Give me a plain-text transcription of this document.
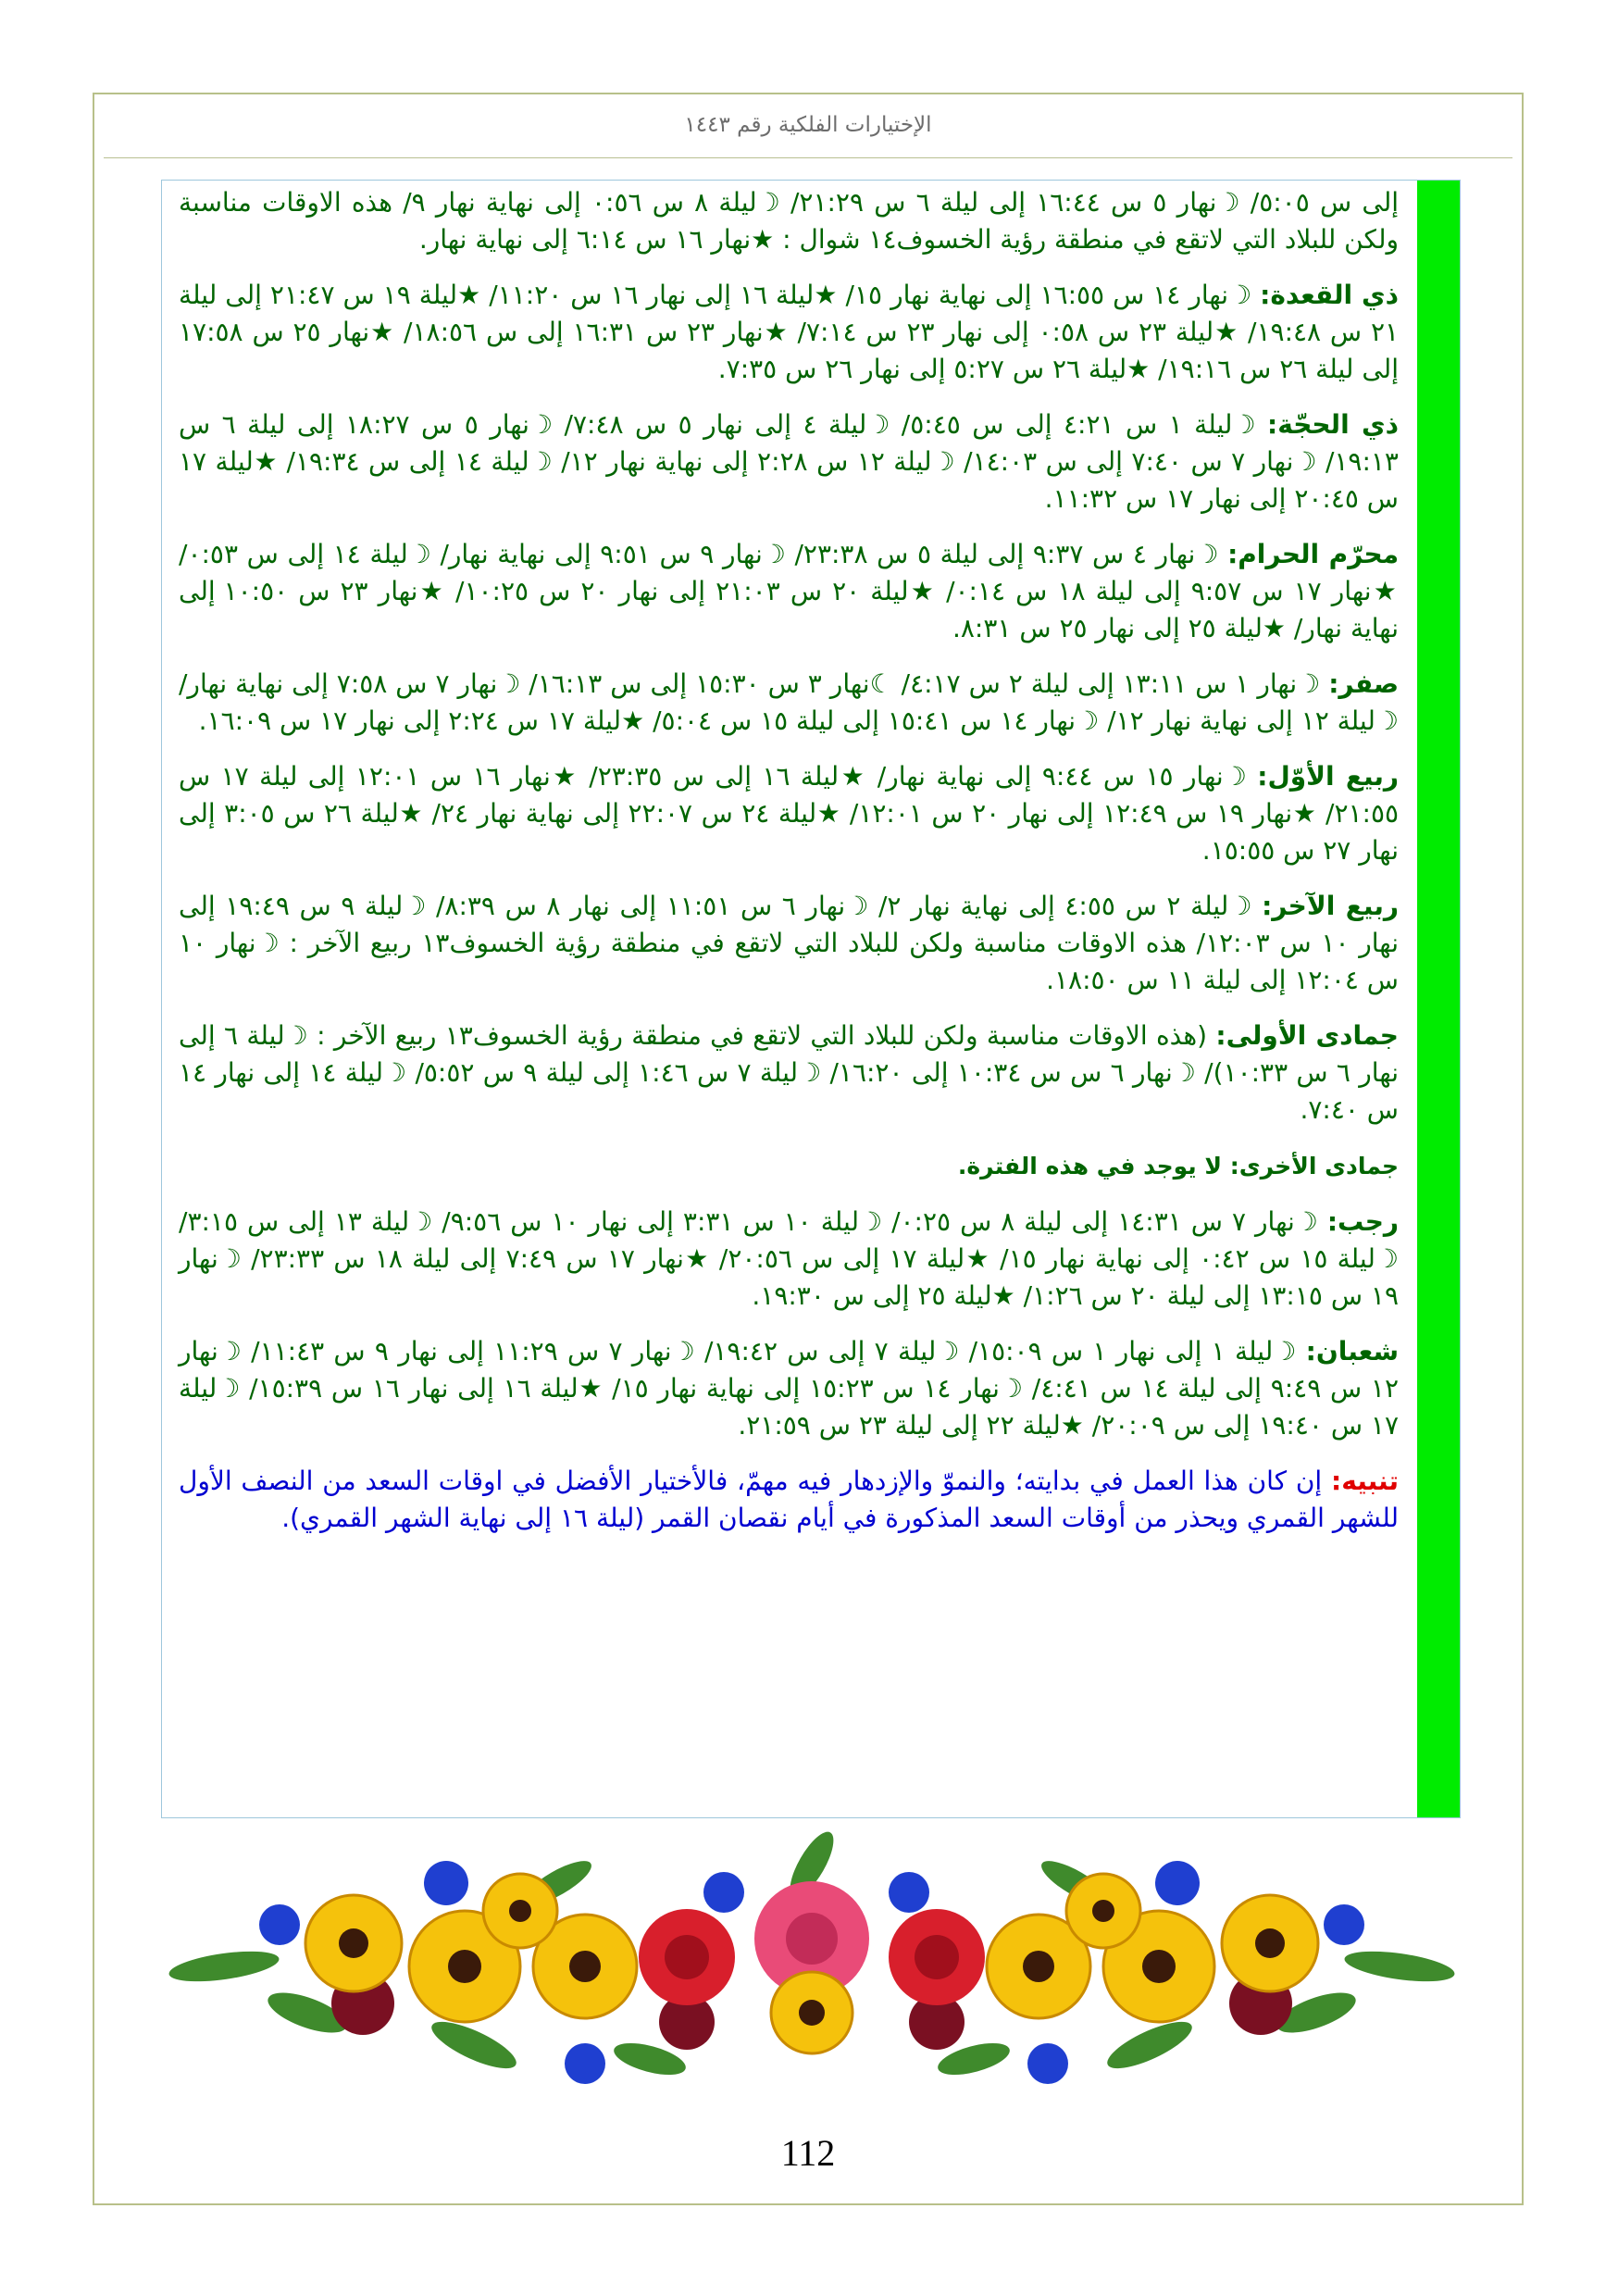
الإختيارات الفلكية رقم ١٤٤٣

إلى س ٥:٠٥/ ☽نهار ٥ س ١٦:٤٤ إلى ليلة ٦ س ٢١:٢٩/ ☽ليلة ٨ س ٠:٥٦ إلى نهاية نهار ٩/ هذه الاوقات مناسبة ولكن للبلاد التي لاتقع في منطقة رؤية الخسوف١٤ شوال : ★نهار ١٦ س ٦:١٤ إلى نهاية نهار.

ذي القعدة: ☽نهار ١٤ س ١٦:٥٥ إلى نهاية نهار ١٥/ ★ليلة ١٦ إلى نهار ١٦ س ١١:٢٠/ ★ليلة ١٩ س ٢١:٤٧ إلى ليلة ٢١ س ١٩:٤٨/ ★ليلة ٢٣ س ٠:٥٨ إلى نهار ٢٣ س ٧:١٤/ ★نهار ٢٣ س ١٦:٣١ إلى س ١٨:٥٦/ ★نهار ٢٥ س ١٧:٥٨ إلى ليلة ٢٦ س ١٩:١٦/ ★ليلة ٢٦ س ٥:٢٧ إلى نهار ٢٦ س ٧:٣٥.

ذي الحجّة: ☽ليلة ١ س ٤:٢١ إلى س ٥:٤٥/ ☽ليلة ٤ إلى نهار ٥ س ٧:٤٨/ ☽نهار ٥ س ١٨:٢٧ إلى ليلة ٦ س ١٩:١٣/ ☽نهار ٧ س ٧:٤٠ إلى س ١٤:٠٣/ ☽ليلة ١٢ س ٢:٢٨ إلى نهاية نهار ١٢/ ☽ليلة ١٤ إلى س ١٩:٣٤/ ★ليلة ١٧ س ٢٠:٤٥ إلى نهار ١٧ س ١١:٣٢.

محرّم الحرام: ☽نهار ٤ س ٩:٣٧ إلى ليلة ٥ س ٢٣:٣٨/ ☽نهار ٩ س ٩:٥١ إلى نهاية نهار/ ☽ليلة ١٤ إلى س ٠:٥٣/ ★نهار ١٧ س ٩:٥٧ إلى ليلة ١٨ س ٠:١٤/ ★ليلة ٢٠ س ٢١:٠٣ إلى نهار ٢٠ س ١٠:٢٥/ ★نهار ٢٣ س ١٠:٥٠ إلى نهاية نهار/ ★ليلة ٢٥ إلى نهار ٢٥ س ٨:٣١.

صفر: ☽نهار ١ س ١٣:١١ إلى ليلة ٢ س ٤:١٧/ ☾نهار ٣ س ١٥:٣٠ إلى س ١٦:١٣/ ☽نهار ٧ س ٧:٥٨ إلى نهاية نهار/ ☽ليلة ١٢ إلى نهاية نهار ١٢/ ☽نهار ١٤ س ١٥:٤١ إلى ليلة ١٥ س ٥:٠٤/ ★ليلة ١٧ س ٢:٢٤ إلى نهار ١٧ س ١٦:٠٩.

ربيع الأوّل: ☽نهار ١٥ س ٩:٤٤ إلى نهاية نهار/ ★ليلة ١٦ إلى س ٢٣:٣٥/ ★نهار ١٦ س ١٢:٠١ إلى ليلة ١٧ س ٢١:٥٥/ ★نهار ١٩ س ١٢:٤٩ إلى نهار ٢٠ س ١٢:٠١/ ★ليلة ٢٤ س ٢٢:٠٧ إلى نهاية نهار ٢٤/ ★ليلة ٢٦ س ٣:٠٥ إلى نهار ٢٧ س ١٥:٥٥.

ربيع الآخر: ☽ليلة ٢ س ٤:٥٥ إلى نهاية نهار ٢/ ☽نهار ٦ س ١١:٥١ إلى نهار ٨ س ٨:٣٩/ ☽ليلة ٩ س ١٩:٤٩ إلى نهار ١٠ س ١٢:٠٣/ هذه الاوقات مناسبة ولكن للبلاد التي لاتقع في منطقة رؤية الخسوف١٣ ربيع الآخر : ☽نهار ١٠ س ١٢:٠٤ إلى ليلة ١١ س ١٨:٥٠.

جمادى الأولى: (هذه الاوقات مناسبة ولكن للبلاد التي لاتقع في منطقة رؤية الخسوف١٣ ربيع الآخر : ☽ليلة ٦ إلى نهار ٦ س ١٠:٣٣)/ ☽نهار ٦ س س ١٠:٣٤ إلى ١٦:٢٠/ ☽ليلة ٧ س ١:٤٦ إلى ليلة ٩ س ٥:٥٢/ ☽ليلة ١٤ إلى نهار ١٤ س ٧:٤٠.

جمادى الأخرى: لا يوجد في هذه الفترة.

رجب: ☽نهار ٧ س ١٤:٣١ إلى ليلة ٨ س ٠:٢٥/ ☽ليلة ١٠ س ٣:٣١ إلى نهار ١٠ س ٩:٥٦/ ☽ليلة ١٣ إلى س ٣:١٥/ ☽ليلة ١٥ س ٠:٤٢ إلى نهاية نهار ١٥/ ★ليلة ١٧ إلى س ٢٠:٥٦/ ★نهار ١٧ س ٧:٤٩ إلى ليلة ١٨ س ٢٣:٣٣/ ☽نهار ١٩ س ١٣:١٥ إلى ليلة ٢٠ س ١:٢٦/ ★ليلة ٢٥ إلى س ١٩:٣٠.

شعبان: ☽ليلة ١ إلى نهار ١ س ١٥:٠٩/ ☽ليلة ٧ إلى س ١٩:٤٢/ ☽نهار ٧ س ١١:٢٩ إلى نهار ٩ س ١١:٤٣/ ☽نهار ١٢ س ٩:٤٩ إلى ليلة ١٤ س ٤:٤١/ ☽نهار ١٤ س ١٥:٢٣ إلى نهاية نهار ١٥/ ★ليلة ١٦ إلى نهار ١٦ س ١٥:٣٩/ ☽ليلة ١٧ س ١٩:٤٠ إلى س ٢٠:٠٩/ ★ليلة ٢٢ إلى ليلة ٢٣ س ٢١:٥٩.

تنبيه: إن كان هذا العمل في بدايته؛ والنموّ والإزدهار فيه مهمّ، فالأختيار الأفضل في اوقات السعد من النصف الأول للشهر القمري ويحذر من أوقات السعد المذكورة في أيام نقصان القمر (ليلة ١٦ إلى نهاية الشهر القمري).

112
